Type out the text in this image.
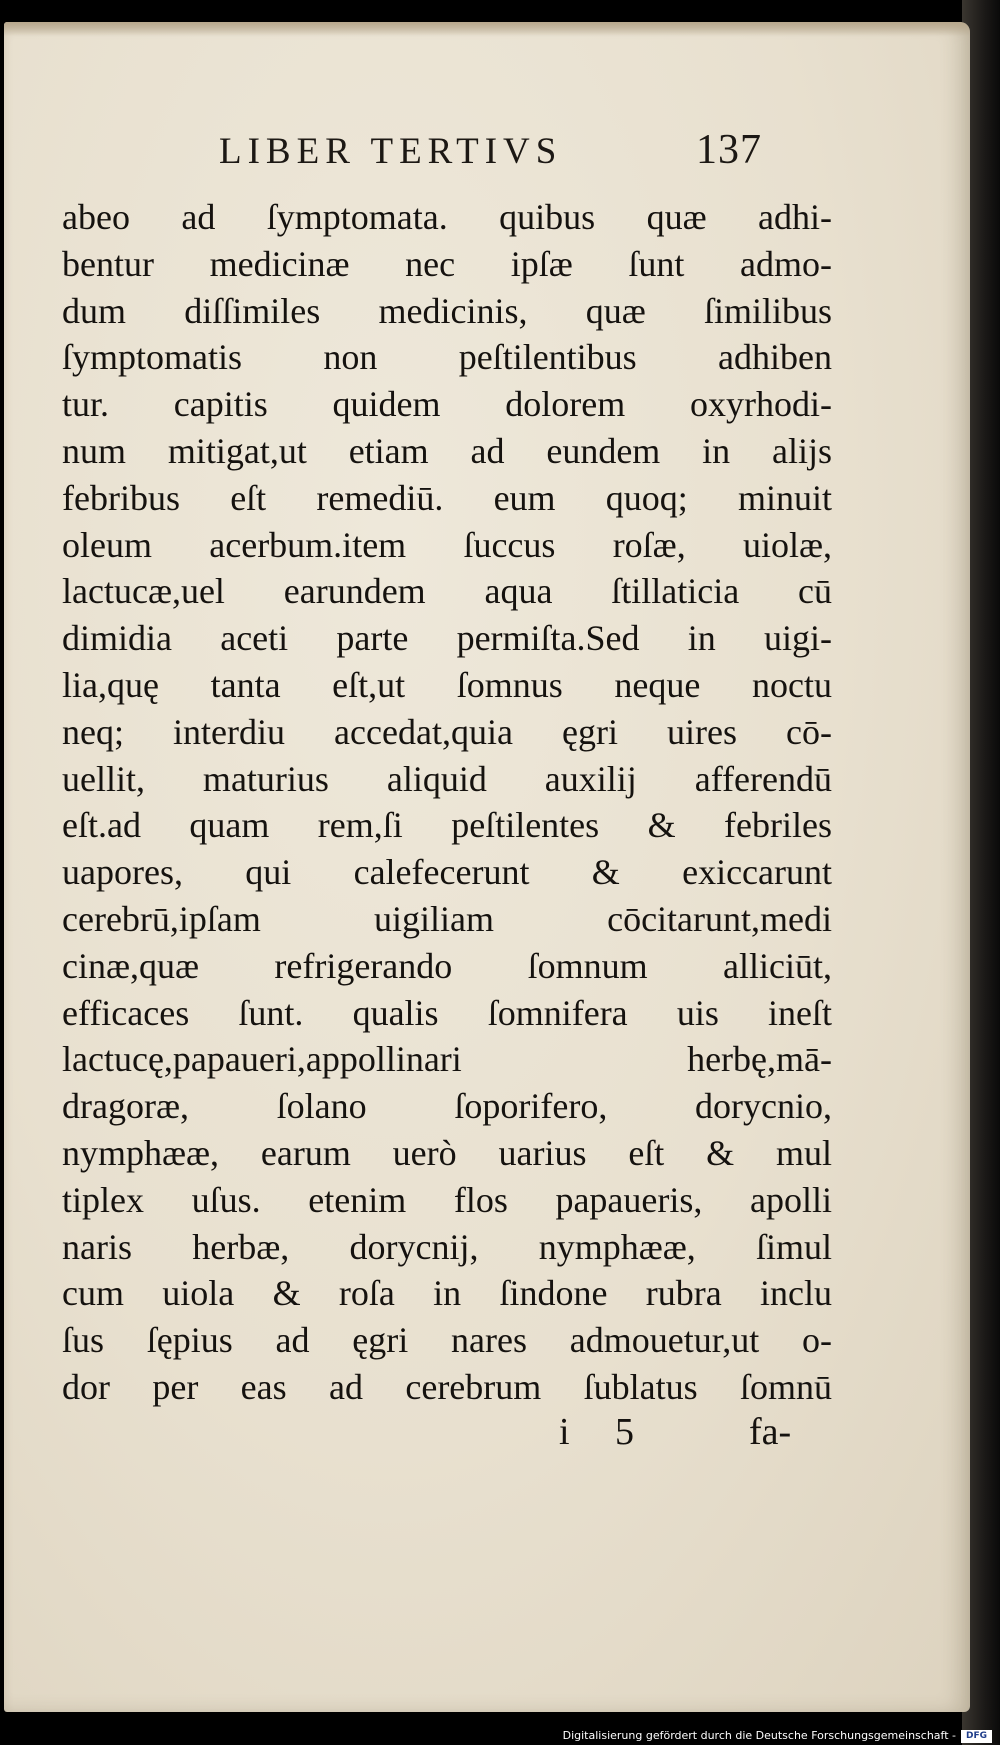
LIBER TERTIVS	137
abeo ad ſymptomata. quibus quæ adhi-
bentur medicinæ nec ipſæ ſunt admo-
dum diſſimiles medicinis, quæ ſimilibus
ſymptomatis non peſtilentibus adhiben
tur. capitis quidem dolorem oxyrhodi-
num mitigat,ut etiam ad eundem in aliјs
febribus eſt remediū. eum quoq; minuit
oleum acerbum.item ſuccus roſæ, uiolæ,
lactucæ,uel earundem aqua ſtillaticia cū
dimidia aceti parte permiſta.Sed in uigi-
lia,quę tanta eſt,ut ſomnus neque noctu
neq; interdiu accedat,quia ęgri uires cō-
uellit, maturius aliquid auxilij afferendū
eſt.ad quam rem,ſi peſtilentes & febriles
uapores, qui calefecerunt & exiccarunt
cerebrū,ipſam uigiliam cōcitarunt,medi
cinæ,quæ refrigerando ſomnum alliciūt,
efficaces ſunt. qualis ſomnifera uis ineſt
lactucę,papaueri,appollinari herbę,mā-
dragoræ, ſolano ſoporifero, dorycnio,
nymphææ, earum uerò uarius eſt & mul
tiplex uſus. etenim flos papaueris, apolli
naris herbæ, dorycnij, nymphææ, ſimul
cum uiola & roſa in ſindone rubra inclu
ſus ſępius ad ęgri nares admouetur,ut o-
dor per eas ad cerebrum ſublatus ſomnū
i 5	fa-
Digitalisierung gefördert durch die Deutsche Forschungsgemeinschaft -	DFG
